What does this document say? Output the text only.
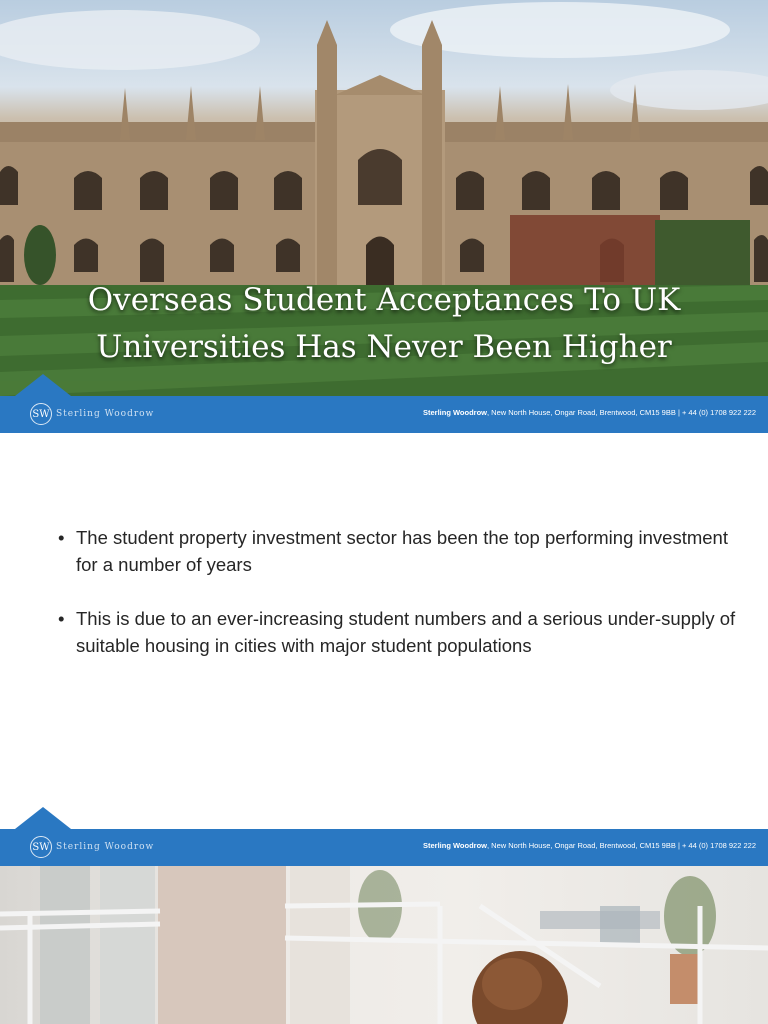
Overseas Student Acceptances To UK
Universities Has Never Been Higher
SW Sterling Woodrow	Sterling Woodrow, New North House, Ongar Road, Brentwood, CM15 9BB | + 44 (0) 1708 922 222
• The student property investment sector has been the top performing investment for a number of years
• This is due to an ever-increasing student numbers and a serious under-supply of suitable housing in cities with major student populations
SW Sterling Woodrow	Sterling Woodrow, New North House, Ongar Road, Brentwood, CM15 9BB | + 44 (0) 1708 922 222
